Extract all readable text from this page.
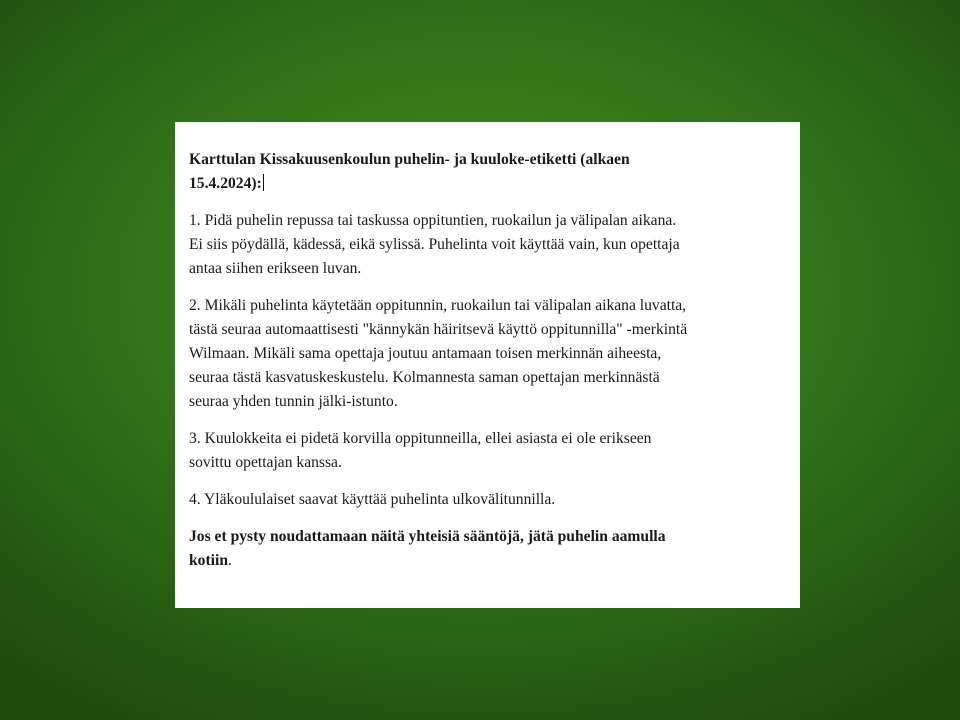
Karttulan Kissakuusenkoulun puhelin- ja kuuloke-etiketti (alkaen
15.4.2024):
1. Pidä puhelin repussa tai taskussa oppituntien, ruokailun ja välipalan aikana.
Ei siis pöydällä, kädessä, eikä sylissä. Puhelinta voit käyttää vain, kun opettaja
antaa siihen erikseen luvan.
2. Mikäli puhelinta käytetään oppitunnin, ruokailun tai välipalan aikana luvatta,
tästä seuraa automaattisesti "kännykän häiritsevä käyttö oppitunnilla" -merkintä
Wilmaan. Mikäli sama opettaja joutuu antamaan toisen merkinnän aiheesta,
seuraa tästä kasvatuskeskustelu. Kolmannesta saman opettajan merkinnästä
seuraa yhden tunnin jälki-istunto.
3. Kuulokkeita ei pidetä korvilla oppitunneilla, ellei asiasta ei ole erikseen
sovittu opettajan kanssa.
4. Yläkoululaiset saavat käyttää puhelinta ulkovälitunnilla.
Jos et pysty noudattamaan näitä yhteisiä sääntöjä, jätä puhelin aamulla
kotiin.
